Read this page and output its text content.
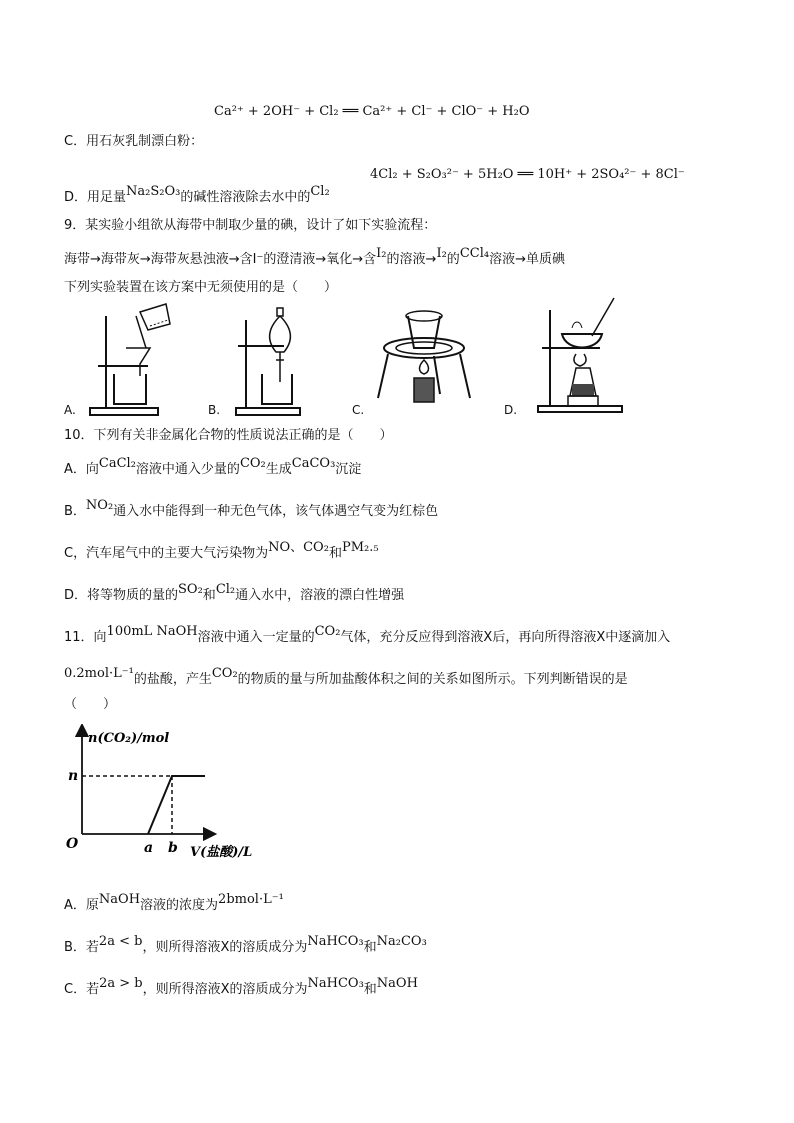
Ca²⁺ + 2OH⁻ + Cl₂ ══ Ca²⁺ + Cl⁻ + ClO⁻ + H₂O
C．用石灰乳制漂白粉：
4Cl₂ + S₂O₃²⁻ + 5H₂O ══ 10H⁺ + 2SO₄²⁻ + 8Cl⁻
D．用足量Na₂S₂O₃的碱性溶液除去水中的Cl₂
9．某实验小组欲从海带中制取少量的碘，设计了如下实验流程：
海带→海带灰→海带灰悬浊液→含I⁻的澄清液→氧化→含I₂的溶液→I₂的CCl₄溶液→单质碘
下列实验装置在该方案中无须使用的是（　　）
A.	B.	C.	D.
10．下列有关非金属化合物的性质说法正确的是（　　）
A．向CaCl₂溶液中通入少量的CO₂生成CaCO₃沉淀
B．NO₂通入水中能得到一种无色气体，该气体遇空气变为红棕色
C，汽车尾气中的主要大气污染物为NO、CO₂和PM₂.₅
D．将等物质的量的SO₂和Cl₂通入水中，溶液的漂白性增强
11．向100mL NaOH溶液中通入一定量的CO₂气体，充分反应得到溶液X后，再向所得溶液X中逐滴加入
0.2mol·L⁻¹的盐酸，产生CO₂的物质的量与所加盐酸体积之间的关系如图所示。下列判断错误的是
（　　）
n(CO₂)/mol
V(盐酸)/L
O
n
a b
A．原NaOH溶液的浓度为2bmol·L⁻¹
B．若2a < b，则所得溶液X的溶质成分为NaHCO₃和Na₂CO₃
C．若2a > b，则所得溶液X的溶质成分为NaHCO₃和NaOH
